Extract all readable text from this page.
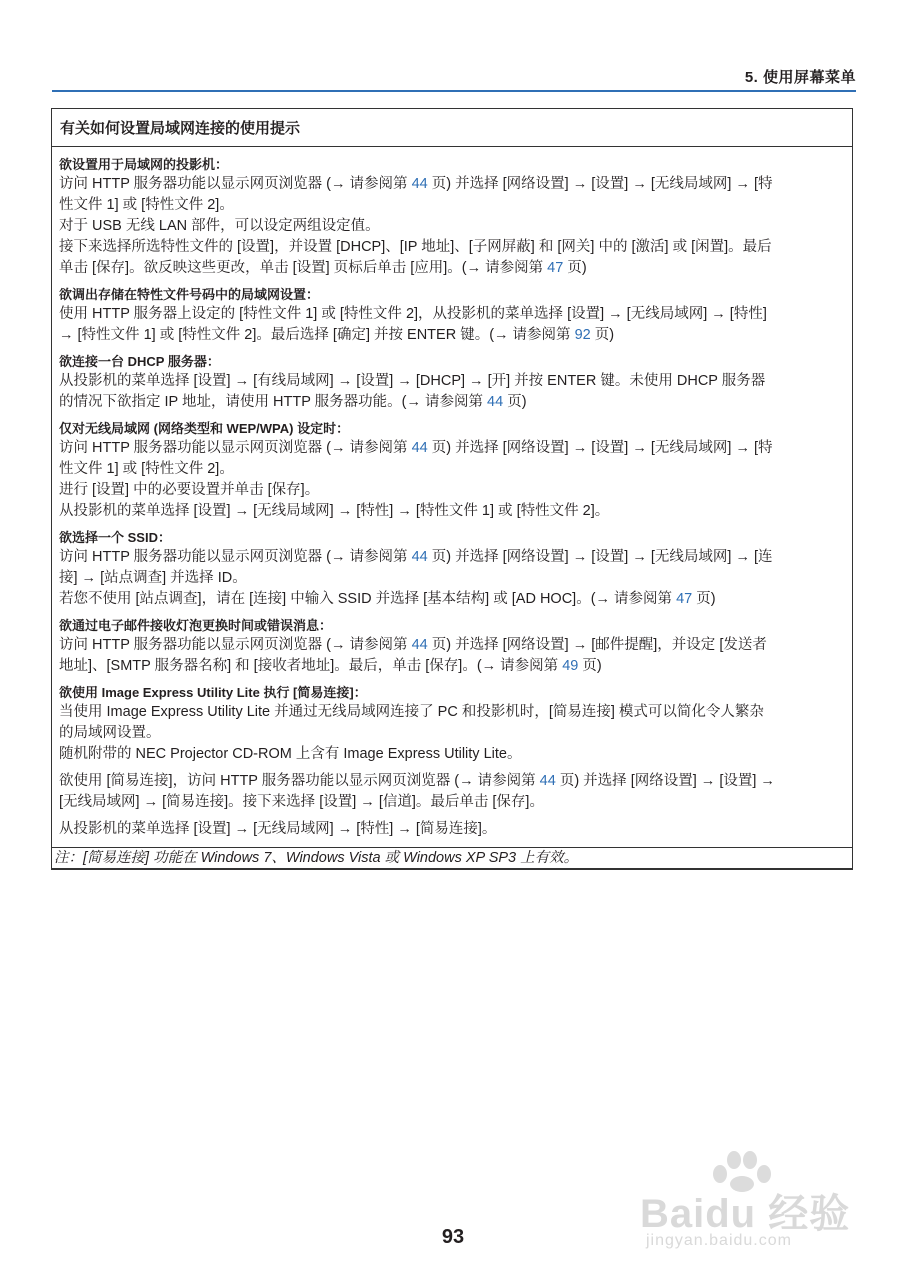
5. 使用屏幕菜单
有关如何设置局域网连接的使用提示
欲设置用于局域网的投影机：
访问 HTTP 服务器功能以显示网页浏览器 (→ 请参阅第 44 页) 并选择 [网络设置] → [设置] → [无线局域网] → [特
性文件 1] 或 [特性文件 2]。
对于 USB 无线 LAN 部件，可以设定两组设定值。
接下来选择所选特性文件的 [设置]，并设置 [DHCP]、[IP 地址]、[子网屏蔽] 和 [网关] 中的 [激活] 或 [闲置]。最后
单击 [保存]。欲反映这些更改，单击 [设置] 页标后单击 [应用]。(→ 请参阅第 47 页)
欲调出存储在特性文件号码中的局域网设置：
使用 HTTP 服务器上设定的 [特性文件 1] 或 [特性文件 2]，从投影机的菜单选择 [设置] → [无线局域网] → [特性]
→ [特性文件 1] 或 [特性文件 2]。最后选择 [确定] 并按 ENTER 键。(→ 请参阅第 92 页)
欲连接一台 DHCP 服务器：
从投影机的菜单选择 [设置] → [有线局域网] → [设置] → [DHCP] → [开] 并按 ENTER 键。未使用 DHCP 服务器
的情况下欲指定 IP 地址，请使用 HTTP 服务器功能。(→ 请参阅第 44 页)
仅对无线局域网 (网络类型和 WEP/WPA) 设定时：
访问 HTTP 服务器功能以显示网页浏览器 (→ 请参阅第 44 页) 并选择 [网络设置] → [设置] → [无线局域网] → [特
性文件 1] 或 [特性文件 2]。
进行 [设置] 中的必要设置并单击 [保存]。
从投影机的菜单选择 [设置] → [无线局域网] → [特性] → [特性文件 1] 或 [特性文件 2]。
欲选择一个 SSID：
访问 HTTP 服务器功能以显示网页浏览器 (→ 请参阅第 44 页) 并选择 [网络设置] → [设置] → [无线局域网] → [连
接] → [站点调查] 并选择 ID。
若您不使用 [站点调查]，请在 [连接] 中输入 SSID 并选择 [基本结构] 或 [AD HOC]。(→ 请参阅第 47 页)
欲通过电子邮件接收灯泡更换时间或错误消息：
访问 HTTP 服务器功能以显示网页浏览器 (→ 请参阅第 44 页) 并选择 [网络设置] → [邮件提醒]，并设定 [发送者
地址]、[SMTP 服务器名称] 和 [接收者地址]。最后，单击 [保存]。(→ 请参阅第 49 页)
欲使用 Image Express Utility Lite 执行 [简易连接]：
当使用 Image Express Utility Lite 并通过无线局域网连接了 PC 和投影机时，[简易连接] 模式可以简化令人繁杂
的局域网设置。
随机附带的 NEC Projector CD-ROM 上含有 Image Express Utility Lite。
欲使用 [简易连接]，访问 HTTP 服务器功能以显示网页浏览器 (→ 请参阅第 44 页) 并选择 [网络设置] → [设置] →
[无线局域网] → [简易连接]。接下来选择 [设置] → [信道]。最后单击 [保存]。
从投影机的菜单选择 [设置] → [无线局域网] → [特性] → [简易连接]。
注：[简易连接] 功能在 Windows 7、Windows Vista 或 Windows XP SP3 上有效。
93
Baidu 经验
jingyan.baidu.com
